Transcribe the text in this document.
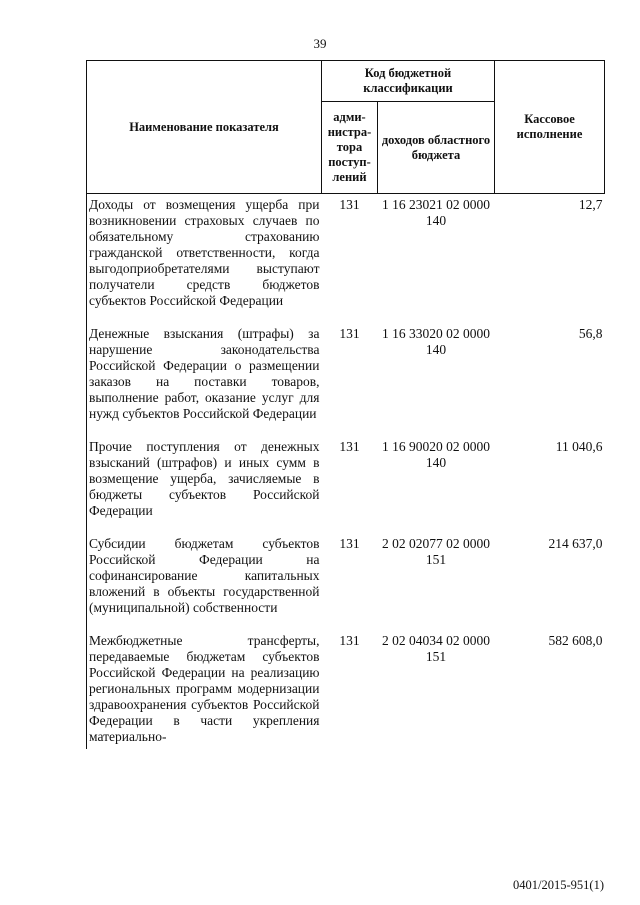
39
Наименование показателя	Код бюджетной классификации		Кассовое исполнение
	адми-нистра-тора поступ-лений	доходов областного бюджета	
Доходы от возмещения ущерба при возникновении страховых случаев по обязательному страхованию гражданской ответственности, когда выгодоприобретателями выступают получатели средств бюджетов субъектов Российской Федерации	131	1 16 23021 02 0000 140	12,7
Денежные взыскания (штрафы) за нарушение законодательства Российской Федерации о размещении заказов на поставки товаров, выполнение работ, оказание услуг для нужд субъектов Российской Федерации	131	1 16 33020 02 0000 140	56,8
Прочие поступления от денежных взысканий (штрафов) и иных сумм в возмещение ущерба, зачисляемые в бюджеты субъектов Российской Федерации	131	1 16 90020 02 0000 140	11 040,6
Субсидии бюджетам субъектов Российской Федерации на софинансирование капитальных вложений в объекты государственной (муниципальной) собственности	131	2 02 02077 02 0000 151	214 637,0
Межбюджетные трансферты, передаваемые бюджетам субъектов Российской Федерации на реализацию региональных программ модернизации здравоохранения субъектов Российской Федерации в части укрепления материально-	131	2 02 04034 02 0000 151	582 608,0
0401/2015-951(1)
